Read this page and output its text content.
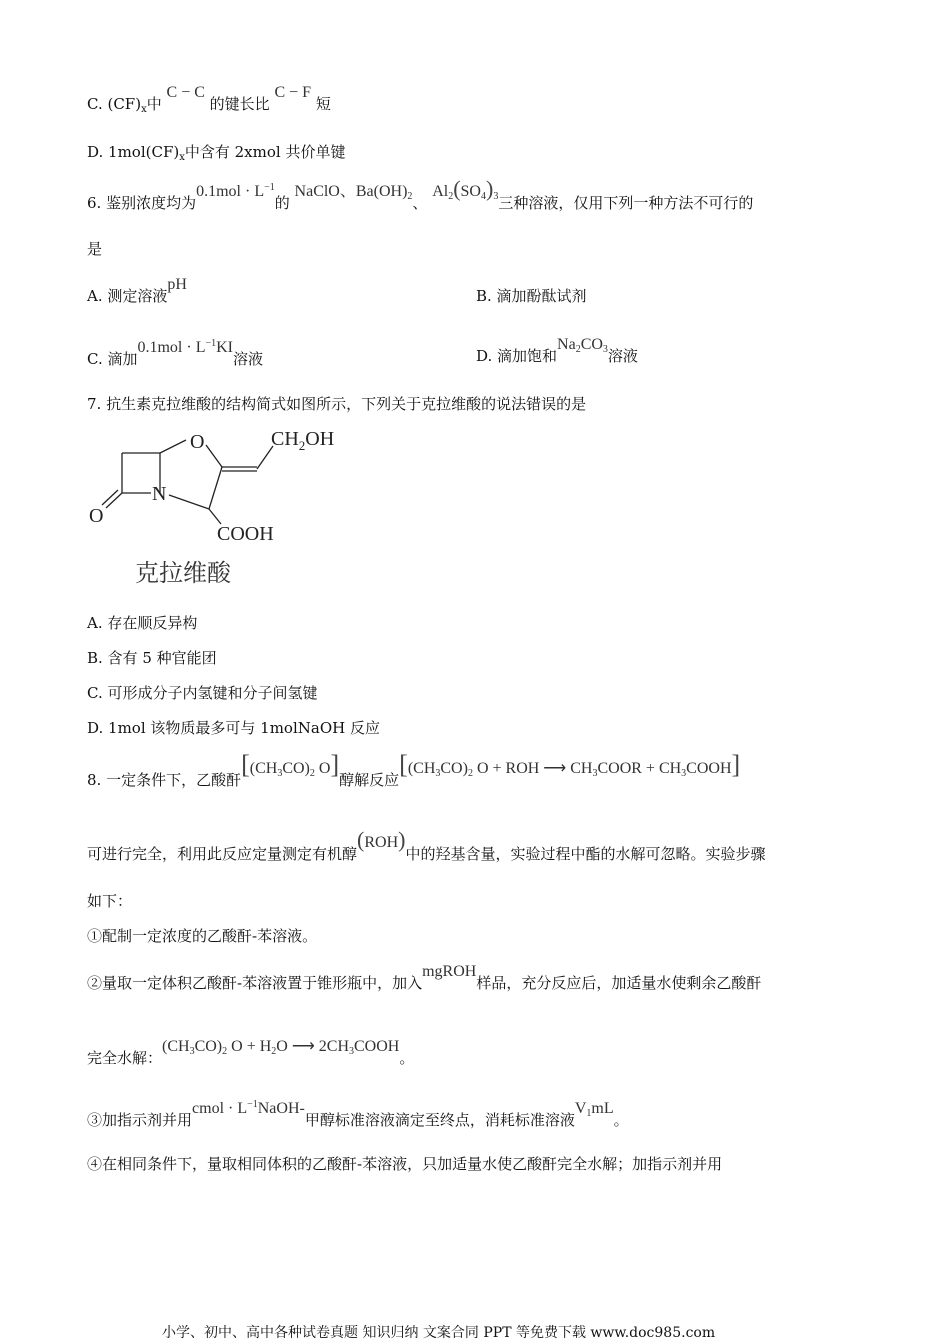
C. $(CF)_x$中 C − C 的键长比 C − F 短
D. $1mol(CF)_x$中含有 2xmol 共价单键
6. 鉴别浓度均为$0.1mol \cdot L^{-1}$的 NaClO、$Ba(OH)_2$、 $Al_2(SO_4)_3$三种溶液，仅用下列一种方法不可行的
是
A. 测定溶液pH
B. 滴加酚酞试剂
C. 滴加$0.1mol \cdot L^{-1}KI$溶液	D. 滴加饱和$Na_2CO_3$溶液
7. 抗生素克拉维酸的结构简式如图所示，下列关于克拉维酸的说法错误的是
O	$CH_2OH$
N
O
COOH
克拉维酸
A. 存在顺反异构
B. 含有 5 种官能团
C. 可形成分子内氢键和分子间氢键
D. 1mol 该物质最多可与 1molNaOH 反应
8. 一定条件下，乙酸酐[$(CH_3CO)_2$ O]醇解反应[$(CH_3CO)_2$ O + ROH ⟶ $CH_3COOR$ + $CH_3COOH$]
可进行完全，利用此反应定量测定有机醇(ROH)中的羟基含量，实验过程中酯的水解可忽略。实验步骤
如下：
①配制一定浓度的乙酸酐-苯溶液。
②量取一定体积乙酸酐-苯溶液置于锥形瓶中，加入mgROH样品，充分反应后，加适量水使剩余乙酸酐
完全水解：$(CH_3CO)_2$ $O + H_2O$ ⟶ $2CH_3COOH$。
③加指示剂并用cmol · $L^{-1}NaOH-$甲醇标准溶液滴定至终点，消耗标准溶液$V_1mL$。
④在相同条件下，量取相同体积的乙酸酐-苯溶液，只加适量水使乙酸酐完全水解；加指示剂并用
小学、初中、高中各种试卷真题 知识归纳 文案合同 PPT 等免费下载 www.doc985.com
